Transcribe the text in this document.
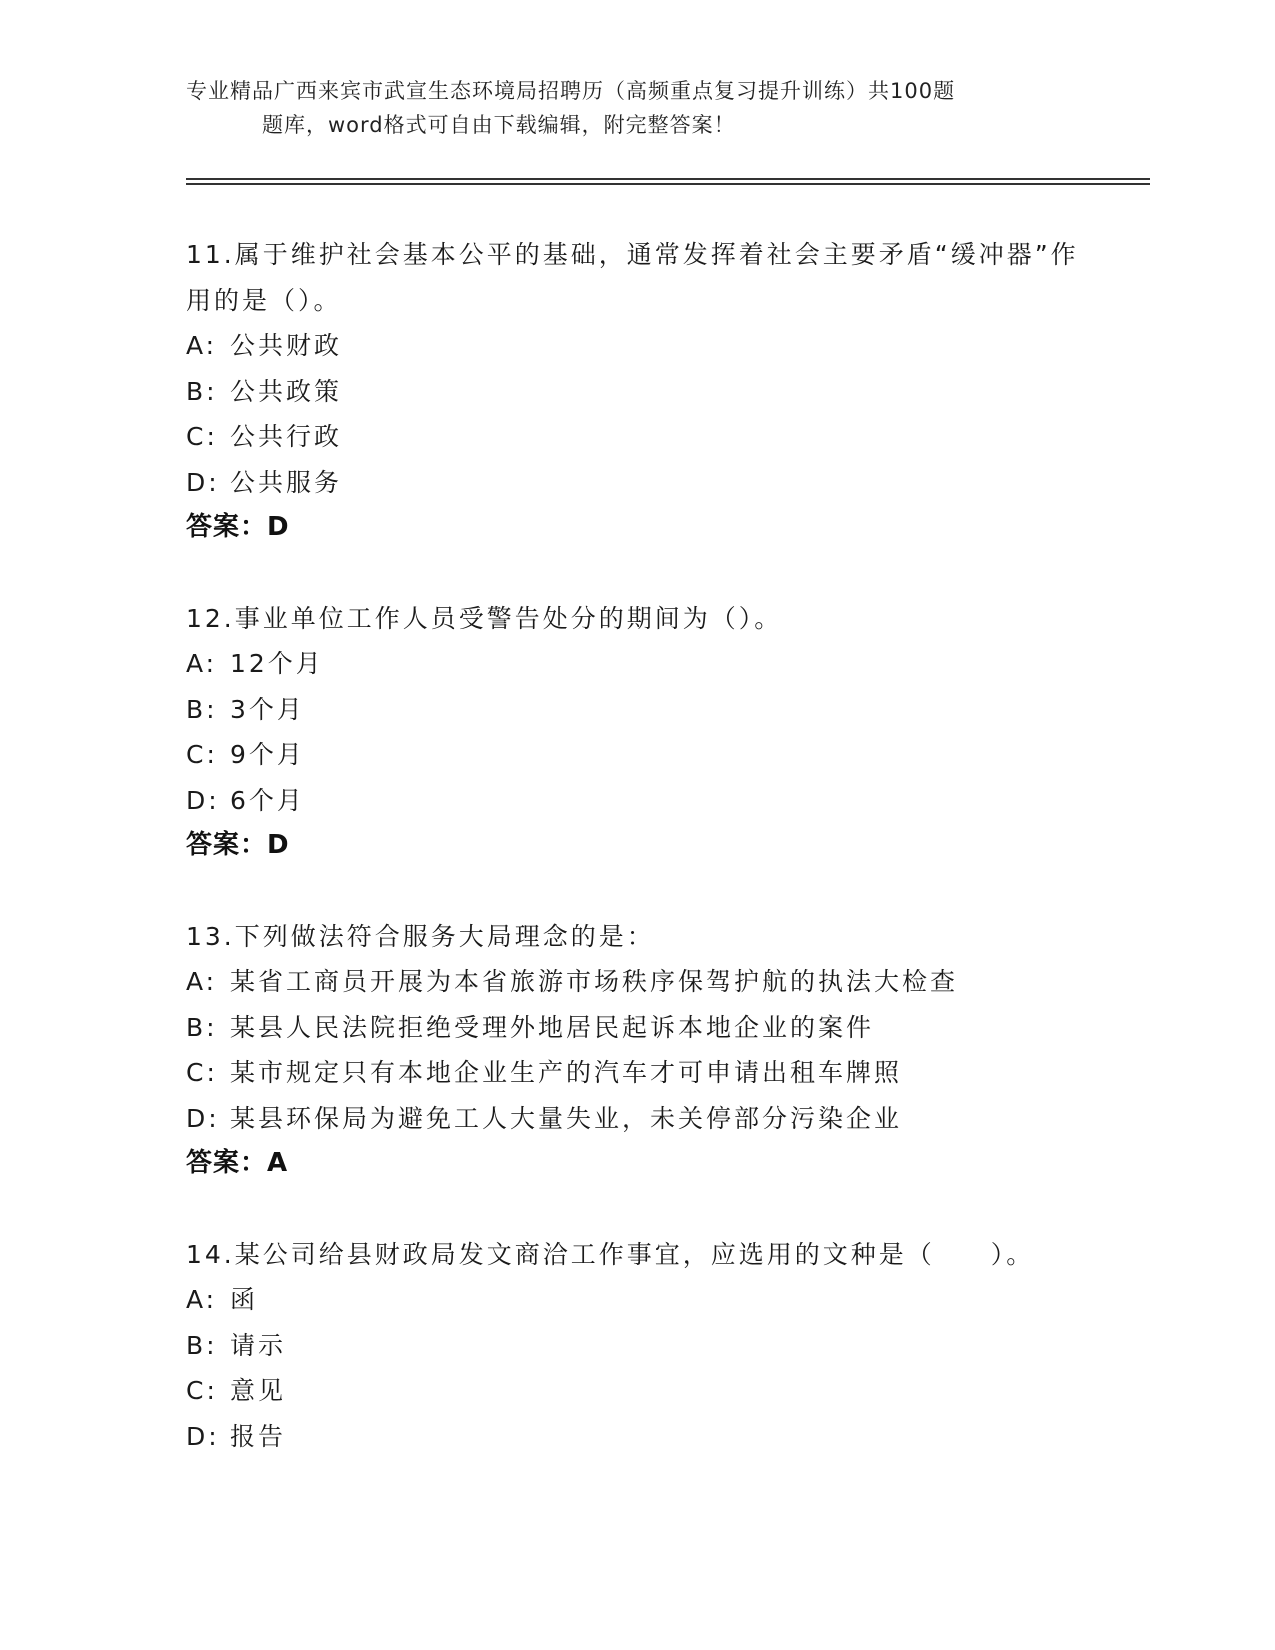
专业精品广西来宾市武宣生态环境局招聘历（高频重点复习提升训练）共100题
题库，word格式可自由下载编辑，附完整答案！
11.属于维护社会基本公平的基础，通常发挥着社会主要矛盾“缓冲器”作用的是（）。
A: 公共财政
B: 公共政策
C: 公共行政
D: 公共服务
答案：D
12.事业单位工作人员受警告处分的期间为（）。
A: 12个月
B: 3个月
C: 9个月
D: 6个月
答案：D
13.下列做法符合服务大局理念的是：
A: 某省工商员开展为本省旅游市场秩序保驾护航的执法大检查
B: 某县人民法院拒绝受理外地居民起诉本地企业的案件
C: 某市规定只有本地企业生产的汽车才可申请出租车牌照
D: 某县环保局为避免工人大量失业，未关停部分污染企业
答案：A
14.某公司给县财政局发文商洽工作事宜，应选用的文种是（　　）。
A: 函
B: 请示
C: 意见
D: 报告
